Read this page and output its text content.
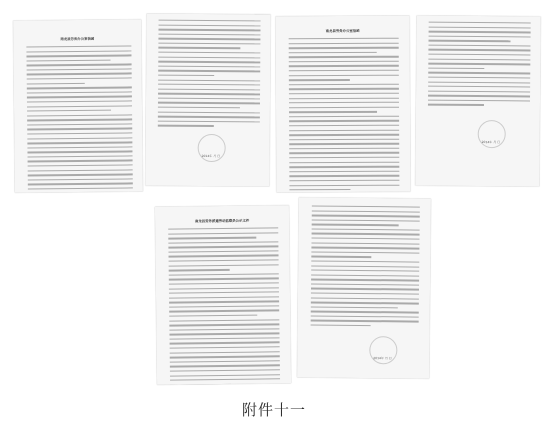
南龙县劳务办公室信函
2014年 月 日
南龙县劳务办公室信函
2014年 月 日
南龙县劳务派遣劳动监察员公示文件
2014年 月 日
附件十一
